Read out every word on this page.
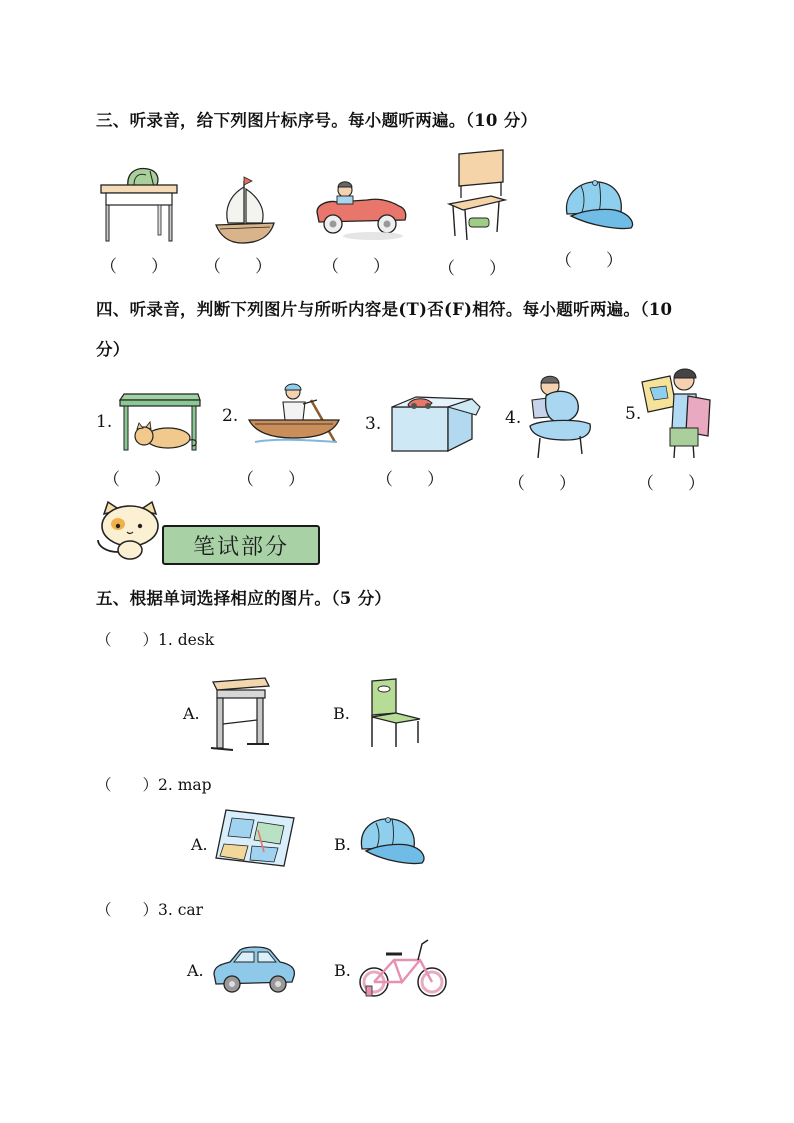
三、听录音，给下列图片标序号。每小题听两遍。（10 分）
（　　） （　　）	（　　）	（　　）	（　　）
四、听录音，判断下列图片与所听内容是(T)否(F)相符。每小题听两遍。（10
分）
1.	2.	3.	4.	5.
（　　）	（　　）	（　　）	（　　）	（　　）
笔试部分
五、根据单词选择相应的图片。（5 分）
（　　）1. desk
A.	B.
（　　）2. map
A.	B.
（　　）3. car
A.	B.
